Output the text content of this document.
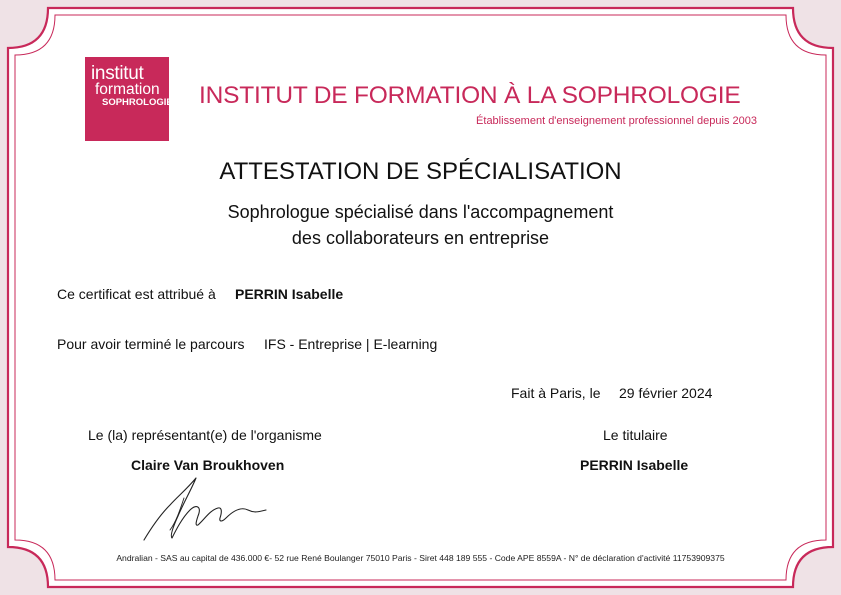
institut
formation
SOPHROLOGIE INSTITUT DE FORMATION À LA SOPHROLOGIE
Établissement d'enseignement professionnel depuis 2003
ATTESTATION DE SPÉCIALISATION
Sophrologue spécialisé dans l'accompagnement
des collaborateurs en entreprise
Ce certificat est attribué à PERRIN Isabelle
Pour avoir terminé le parcours IFS - Entreprise | E-learning
Fait à Paris, le 29 février 2024
Le (la) représentant(e) de l'organisme
Claire Van Broukhoven
Le titulaire
PERRIN Isabelle
Andralian - SAS au capital de 436.000 €- 52 rue René Boulanger 75010 Paris - Siret 448 189 555 - Code APE 8559A - N° de déclaration d'activité 11753909375
